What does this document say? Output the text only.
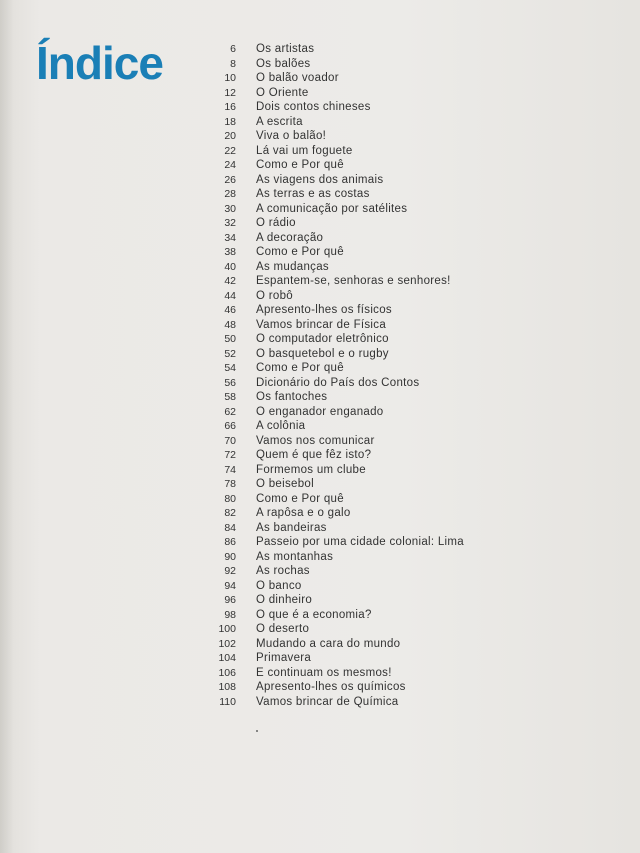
Índice	6 Os artistas
8 Os balões
10 O balão voador
12 O Oriente
16 Dois contos chineses
18 A escrita
20 Viva o balão!
22 Lá vai um foguete
24 Como e Por quê
26 As viagens dos animais
28 As terras e as costas
30 A comunicação por satélites
32 O rádio
34 A decoração
38 Como e Por quê
40 As mudanças
42 Espantem-se, senhoras e senhores!
44 O robô
46 Apresento-lhes os físicos
48 Vamos brincar de Física
50 O computador eletrônico
52 O basquetebol e o rugby
54 Como e Por quê
56 Dicionário do País dos Contos
58 Os fantoches
62 O enganador enganado
66 A colônia
70 Vamos nos comunicar
72 Quem é que fêz isto?
74 Formemos um clube
78 O beisebol
80 Como e Por quê
82 A rapôsa e o galo
84 As bandeiras
86 Passeio por uma cidade colonial: Lima
90 As montanhas
92 As rochas
94 O banco
96 O dinheiro
98 O que é a economia?
100 O deserto
102 Mudando a cara do mundo
104 Primavera
106 E continuam os mesmos!
108 Apresento-lhes os químicos
110 Vamos brincar de Química
